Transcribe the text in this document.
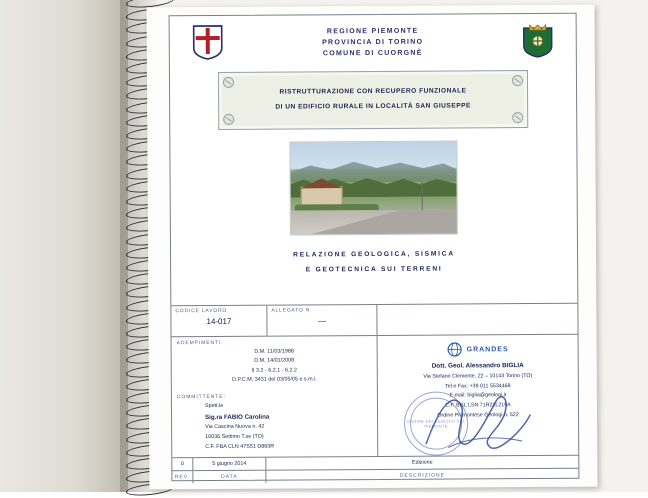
REGIONE PIEMONTE
PROVINCIA DI TORINO
COMUNE DI CUORGNÈ
RISTRUTTURAZIONE CON RECUPERO FUNZIONALE
DI UN EDIFICIO RURALE IN LOCALITÀ SAN GIUSEPPE
RELAZIONE GEOLOGICA, SISMICA
E GEOTECNICA SUI TERRENI
CODICE LAVORO
14-017
ALLEGATO N.
—
ADEMPIMENTI:
D.M. 11/03/1988
D.M. 14/01/2008
§ 3.2 - 6.2.1 - 6.2.2
O.P.C.M. 3431 del 03/05/05 e s.m.i.
COMMITTENTE:
Spett.le
Sig.ra FABIO Carolina
Via Cascina Nuova n. 42
10036 Settimo T.se (TO)
C.F. FBA CLN 47S51 D863R
GRANDES
Dott. Geol. Alessandro BIGLIA
Via Stefano Clemente, 22 – 10143 Torino (TO)
Tel e Fax: +39 011 5534468
E-mail: biglia@geologi.it
C.F. BGL LSN 71R21L219A
Ordine Piemontese Geologi n. 522
ORDINE DEI GEOLOGI DEL PIEMONTE
0	5 giugno 2014	Edizione
REV.	DATA	DESCRIZIONE
